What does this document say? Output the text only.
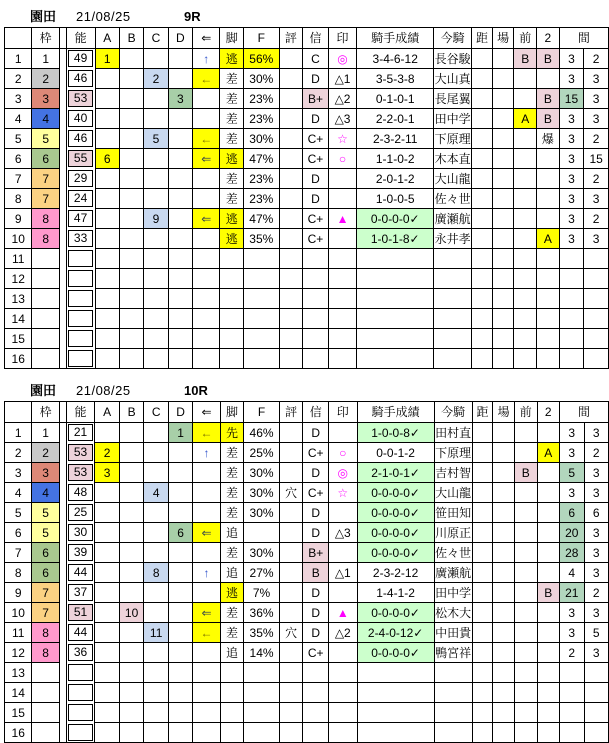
園田	21/08/25	9R
	枠		能	A	B	C	D	⇐	脚	F	評	信	印	騎手成績	今騎	距	場	前	2	間	
1	1		49	1				↑	逃	56%		C	◎	3-4-6-12	長谷駿			B	B	3	2
2	2		46			2		←	差	30%		D	△1	3-5-3-8	大山真					3	3
3	3		53				3		差	23%		B+	△2	0-1-0-1	長尾翼				B	15	3
4	4		40						差	23%		D	△3	2-2-0-1	田中学			A	B	3	3
5	5		46			5		←	差	30%		C+	☆	2-3-2-11	下原理				爆	3	2
6	6		55	6				⇐	逃	47%		C+	○	1-1-0-2	木本直					3	15
7	7		29						差	23%		D		2-0-1-2	大山龍					3	2
8	7		24						差	23%		D		1-0-0-5	佐々世					3	3
9	8		47			9		⇐	逃	47%		C+	▲	0-0-0-0✓	廣瀬航					3	2
10	8		33						逃	35%		C+		1-0-1-8✓	永井孝				A	3	3
11			

12			

13			

14			

15			

16			

園田	21/08/25	10R
	枠		能	A	B	C	D	⇐	脚	F	評	信	印	騎手成績	今騎	距	場	前	2	間	
1	1		21				1	←	先	46%		D		1-0-0-8✓	田村直					3	3
2	2		53	2				↑	差	25%		C+	○	0-0-1-2	下原理				A	3	2
3	3		53	3					差	30%		D	◎	2-1-0-1✓	吉村智			B		5	3
4	4		48			4			差	30%	穴	C+	☆	0-0-0-0✓	大山龍					3	3
5	5		25						差	30%		D		0-0-0-0✓	笹田知					6	6
6	5		30				6	⇐	追			D	△3	0-0-0-0✓	川原正					20	3
7	6		39						差	30%		B+		0-0-0-0✓	佐々世					28	3
8	6		44			8		↑	追	27%		B	△1	2-3-2-12	廣瀬航					4	3
9	7		37						逃	7%		D		1-4-1-2	田中学				B	21	2
10	7		51		10			⇐	差	36%		D	▲	0-0-0-0✓	松木大					3	3
11	8		44			11		←	差	35%	穴	D	△2	2-4-0-12✓	中田貴					3	5
12	8		36						追	14%		C+		0-0-0-0✓	鴨宮祥					2	3
13			

14			

15			

16			
